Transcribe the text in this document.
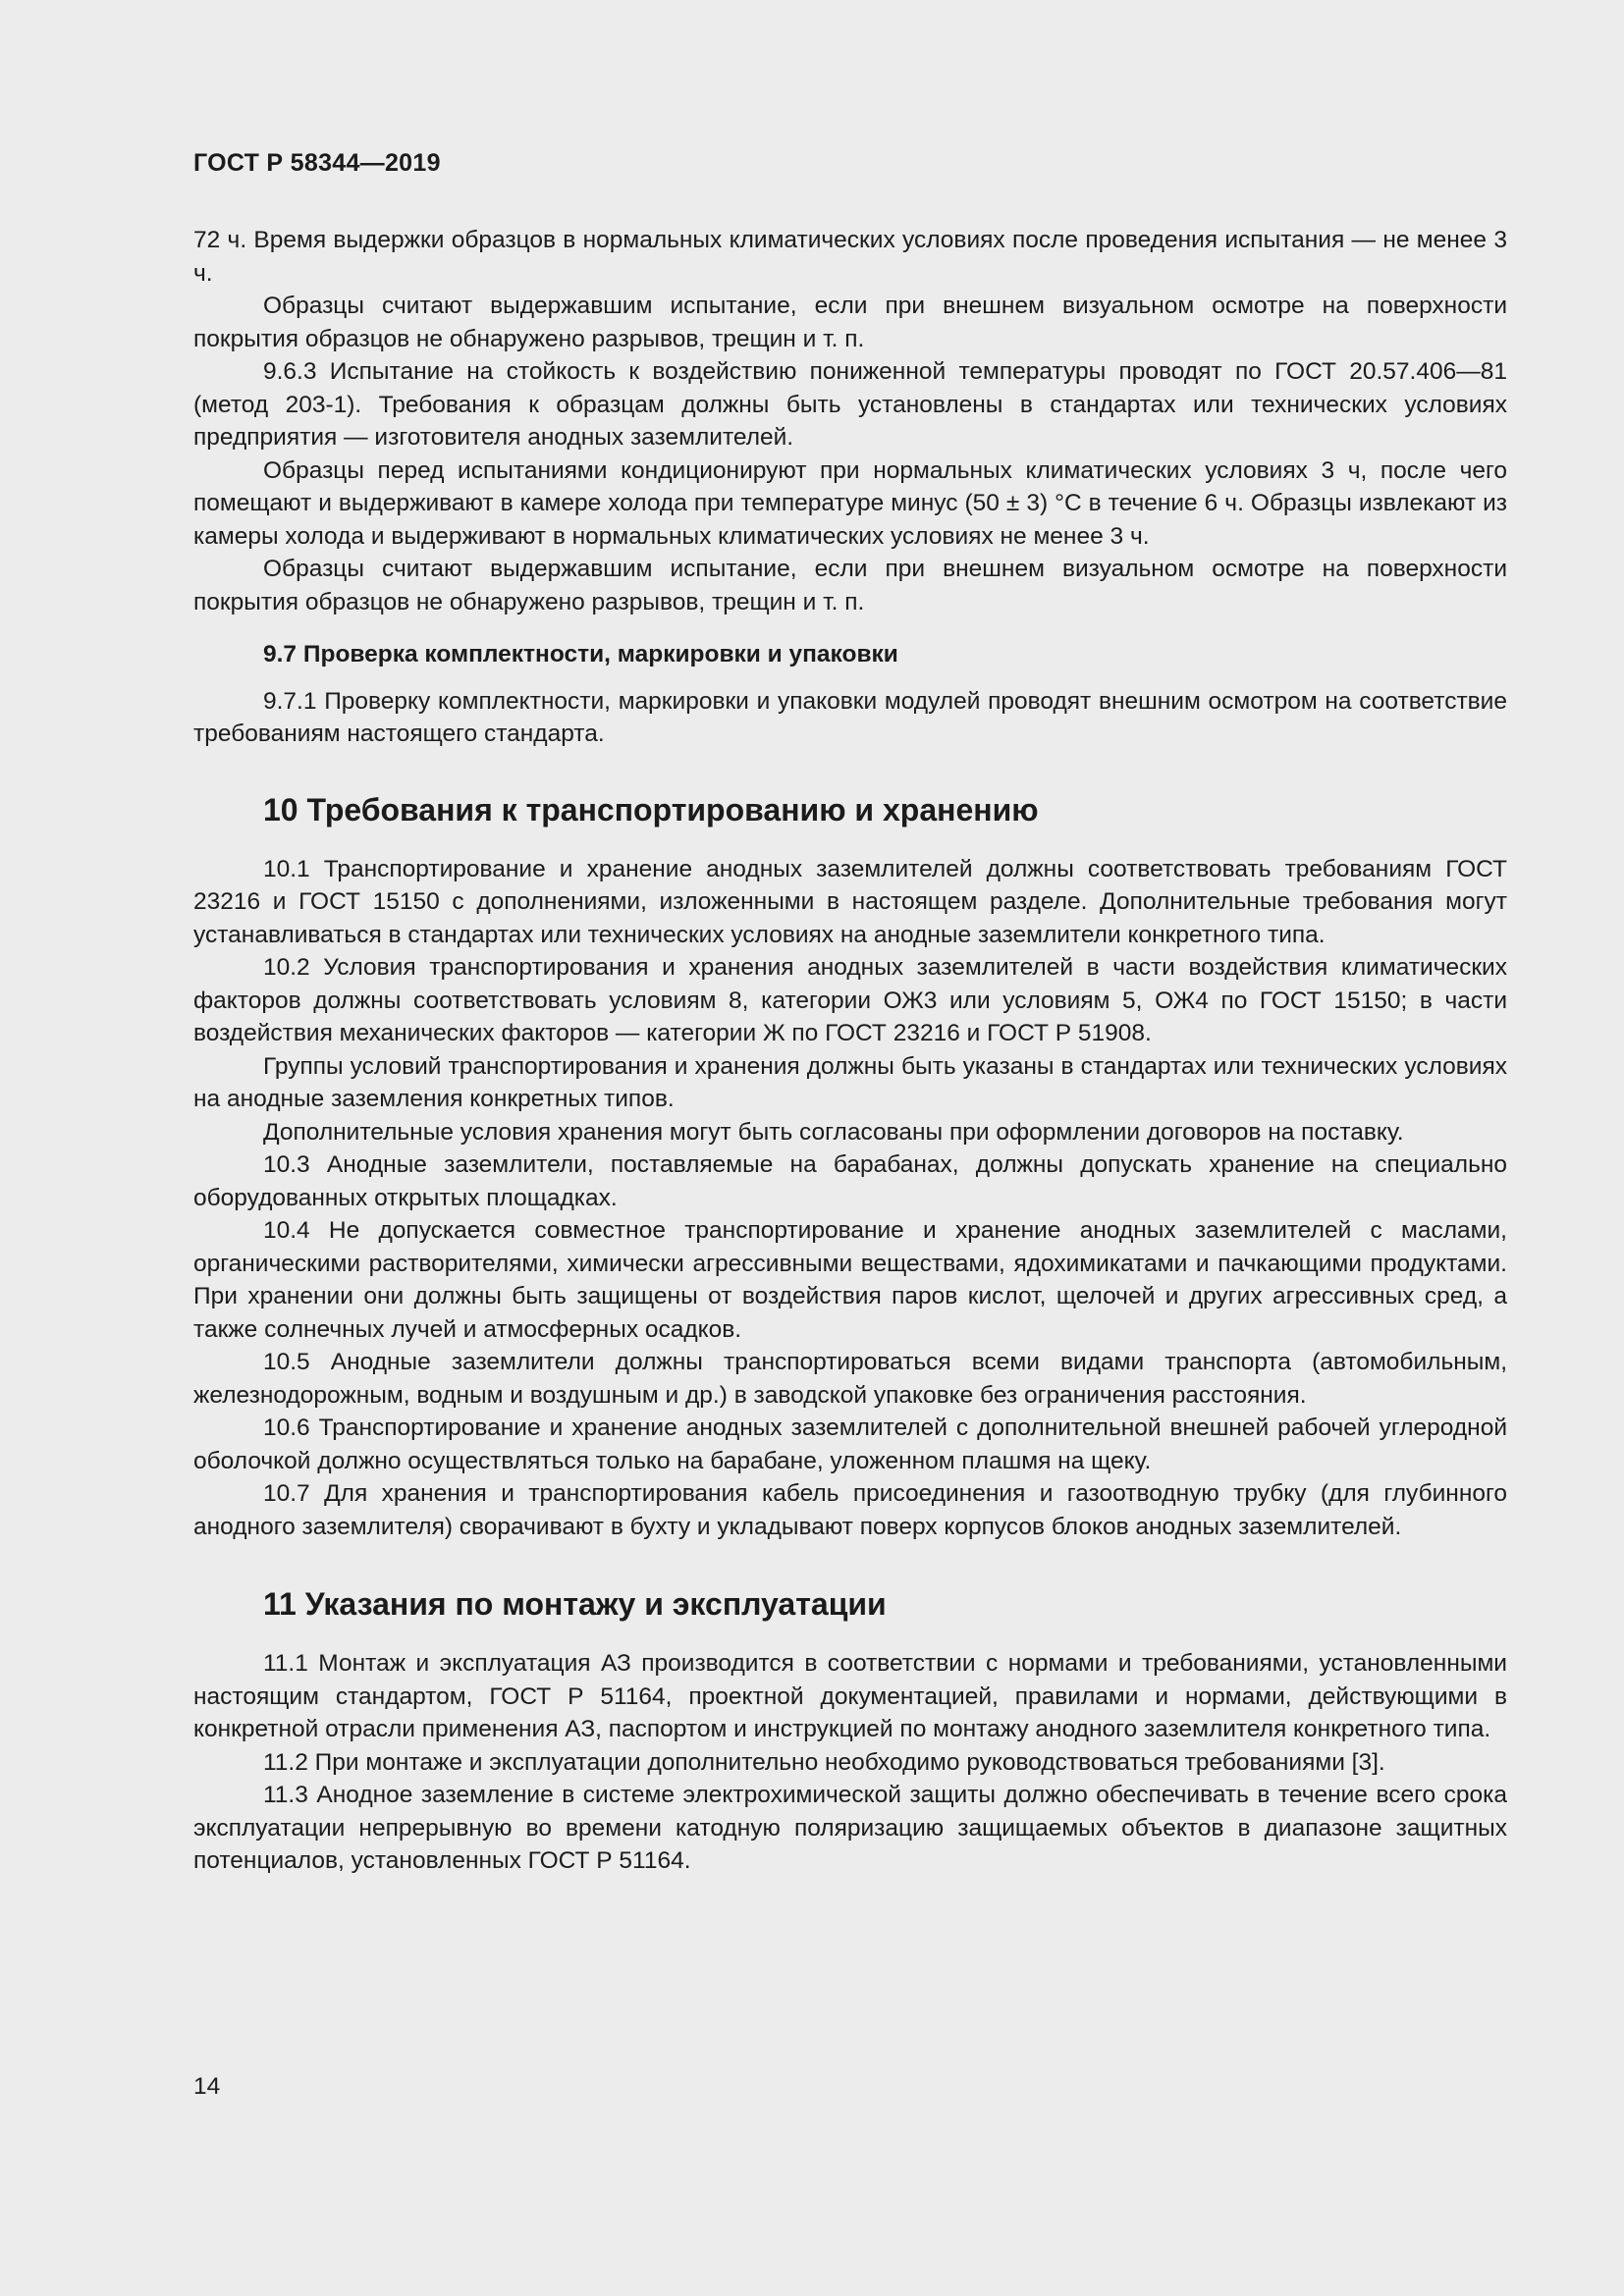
ГОСТ Р 58344—2019

72 ч. Время выдержки образцов в нормальных климатических условиях после проведения испытания — не менее 3 ч.

Образцы считают выдержавшим испытание, если при внешнем визуальном осмотре на поверхности покрытия образцов не обнаружено разрывов, трещин и т. п.

9.6.3 Испытание на стойкость к воздействию пониженной температуры проводят по ГОСТ 20.57.406—81 (метод 203-1). Требования к образцам должны быть установлены в стандартах или технических условиях предприятия — изготовителя анодных заземлителей.

Образцы перед испытаниями кондиционируют при нормальных климатических условиях 3 ч, после чего помещают и выдерживают в камере холода при температуре минус (50 ± 3) °С в течение 6 ч. Образцы извлекают из камеры холода и выдерживают в нормальных климатических условиях не менее 3 ч.

Образцы считают выдержавшим испытание, если при внешнем визуальном осмотре на поверхности покрытия образцов не обнаружено разрывов, трещин и т. п.

9.7 Проверка комплектности, маркировки и упаковки

9.7.1 Проверку комплектности, маркировки и упаковки модулей проводят внешним осмотром на соответствие требованиям настоящего стандарта.

10 Требования к транспортированию и хранению

10.1 Транспортирование и хранение анодных заземлителей должны соответствовать требованиям ГОСТ 23216 и ГОСТ 15150 с дополнениями, изложенными в настоящем разделе. Дополнительные требования могут устанавливаться в стандартах или технических условиях на анодные заземлители конкретного типа.

10.2 Условия транспортирования и хранения анодных заземлителей в части воздействия климатических факторов должны соответствовать условиям 8, категории ОЖ3 или условиям 5, ОЖ4 по ГОСТ 15150; в части воздействия механических факторов — категории Ж по ГОСТ 23216 и ГОСТ Р 51908.

Группы условий транспортирования и хранения должны быть указаны в стандартах или технических условиях на анодные заземления конкретных типов.

Дополнительные условия хранения могут быть согласованы при оформлении договоров на поставку.

10.3 Анодные заземлители, поставляемые на барабанах, должны допускать хранение на специально оборудованных открытых площадках.

10.4 Не допускается совместное транспортирование и хранение анодных заземлителей с маслами, органическими растворителями, химически агрессивными веществами, ядохимикатами и пачкающими продуктами. При хранении они должны быть защищены от воздействия паров кислот, щелочей и других агрессивных сред, а также солнечных лучей и атмосферных осадков.

10.5 Анодные заземлители должны транспортироваться всеми видами транспорта (автомобильным, железнодорожным, водным и воздушным и др.) в заводской упаковке без ограничения расстояния.

10.6 Транспортирование и хранение анодных заземлителей с дополнительной внешней рабочей углеродной оболочкой должно осуществляться только на барабане, уложенном плашмя на щеку.

10.7 Для хранения и транспортирования кабель присоединения и газоотводную трубку (для глубинного анодного заземлителя) сворачивают в бухту и укладывают поверх корпусов блоков анодных заземлителей.

11 Указания по монтажу и эксплуатации

11.1 Монтаж и эксплуатация АЗ производится в соответствии с нормами и требованиями, установленными настоящим стандартом, ГОСТ Р 51164, проектной документацией, правилами и нормами, действующими в конкретной отрасли применения АЗ, паспортом и инструкцией по монтажу анодного заземлителя конкретного типа.

11.2 При монтаже и эксплуатации дополнительно необходимо руководствоваться требованиями [3].

11.3 Анодное заземление в системе электрохимической защиты должно обеспечивать в течение всего срока эксплуатации непрерывную во времени катодную поляризацию защищаемых объектов в диапазоне защитных потенциалов, установленных ГОСТ Р 51164.

14
